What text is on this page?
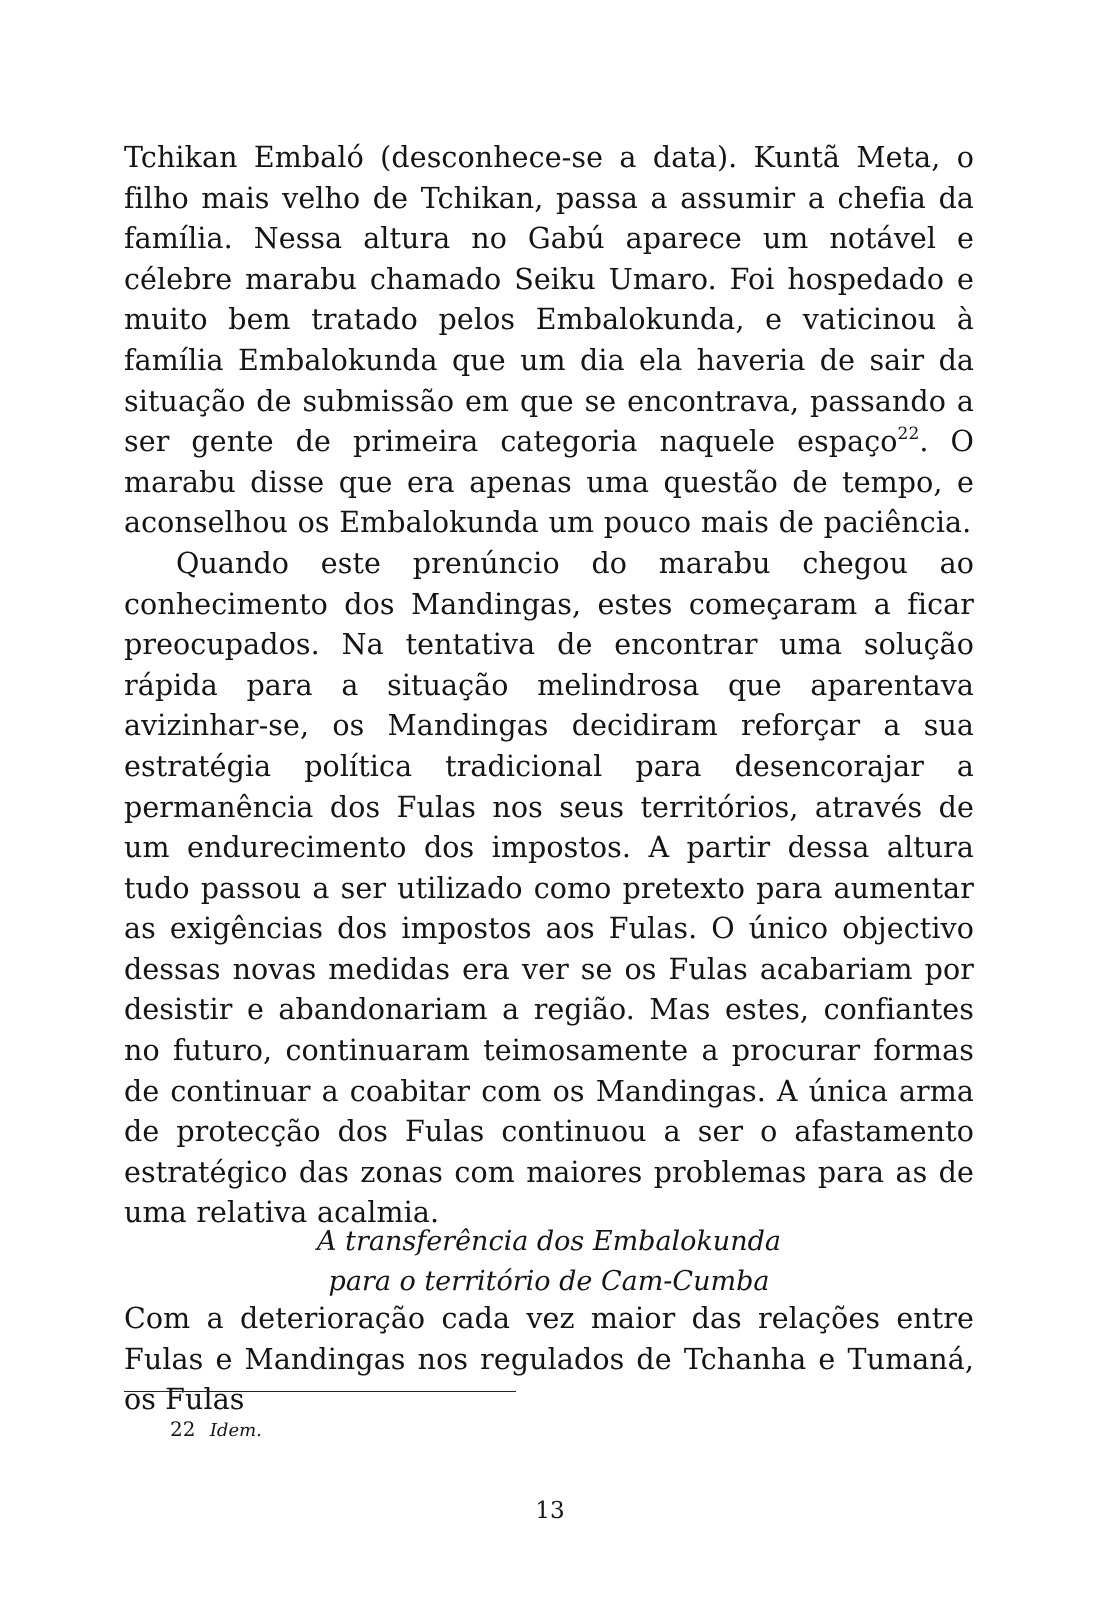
Tchikan Embaló (desconhece-se a data). Kuntã Meta, o filho mais velho de Tchikan, passa a assumir a chefia da família. Nessa altura no Gabú aparece um notável e célebre marabu chamado Seiku Umaro. Foi hospedado e muito bem tratado pelos Embalokunda, e vaticinou à família Embalokunda que um dia ela haveria de sair da situação de submissão em que se encontrava, passando a ser gente de primeira categoria naquele espaço$^{22}$. O marabu disse que era apenas uma questão de tempo, e aconselhou os Embalokunda um pouco mais de paciência.

Quando este prenúncio do marabu chegou ao conhecimento dos Mandingas, estes começaram a ficar preocupados. Na tentativa de encontrar uma solução rápida para a situação melindrosa que aparentava avizinhar-se, os Mandingas decidiram reforçar a sua estratégia política tradicional para desencorajar a permanência dos Fulas nos seus territórios, através de um endurecimento dos impostos. A partir dessa altura tudo passou a ser utilizado como pretexto para aumentar as exigências dos impostos aos Fulas. O único objectivo dessas novas medidas era ver se os Fulas acabariam por desistir e abandonariam a região. Mas estes, confiantes no futuro, continuaram teimosamente a procurar formas de continuar a coabitar com os Mandingas. A única arma de protecção dos Fulas continuou a ser o afastamento estratégico das zonas com maiores problemas para as de uma relativa acalmia.

A transferência dos Embalokunda
para o território de Cam-Cumba

Com a deterioração cada vez maior das relações entre Fulas e Mandingas nos regulados de Tchanha e Tumaná, os Fulas

22 Idem.
13
